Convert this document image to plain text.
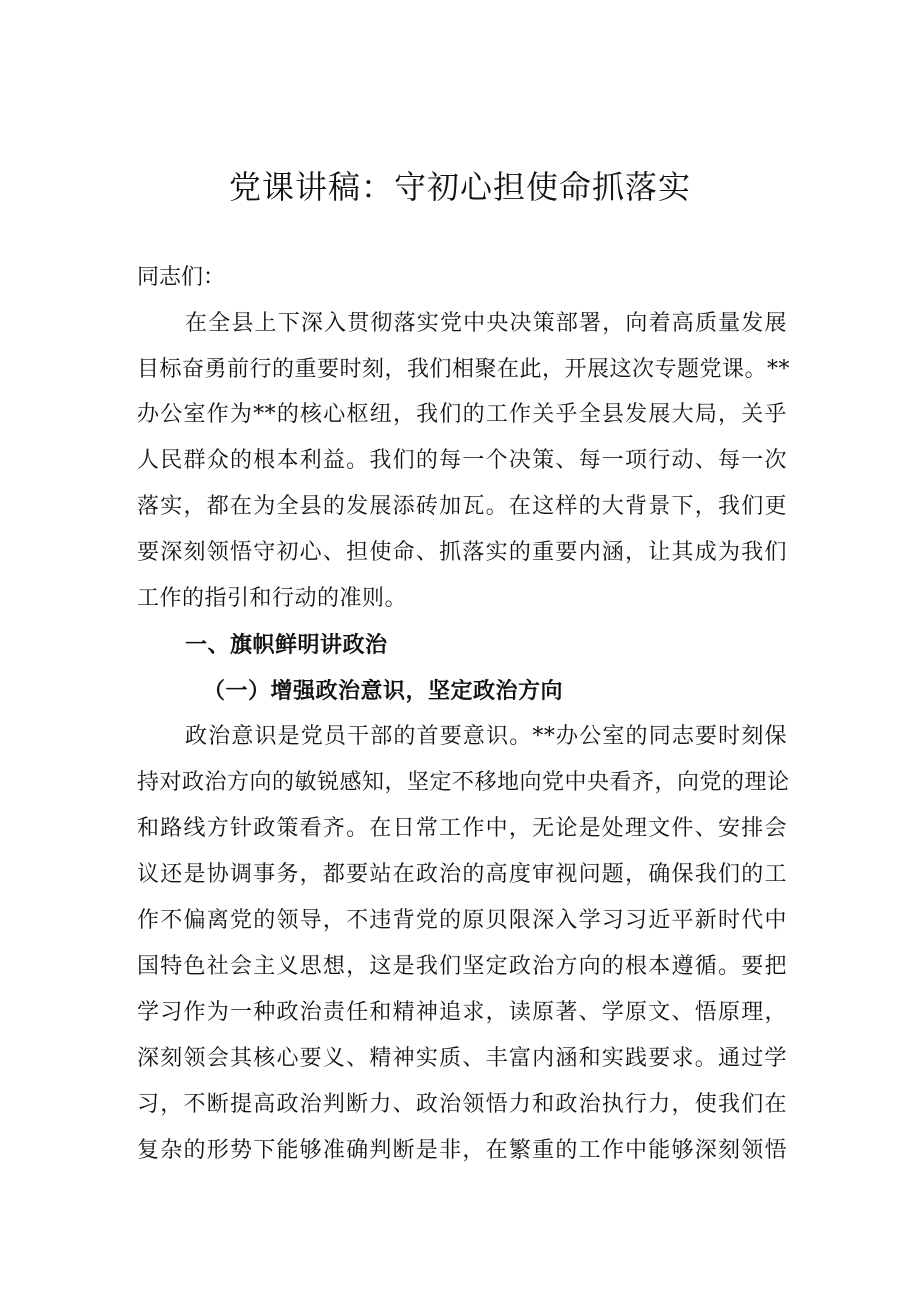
党课讲稿：守初心担使命抓落实
同志们：
在全县上下深入贯彻落实党中央决策部署，向着高质量发展
目标奋勇前行的重要时刻，我们相聚在此，开展这次专题党课。**
办公室作为**的核心枢纽，我们的工作关乎全县发展大局，关乎
人民群众的根本利益。我们的每一个决策、每一项行动、每一次
落实，都在为全县的发展添砖加瓦。在这样的大背景下，我们更
要深刻领悟守初心、担使命、抓落实的重要内涵，让其成为我们
工作的指引和行动的准则。
一、旗帜鲜明讲政治
（一）增强政治意识，坚定政治方向
政治意识是党员干部的首要意识。**办公室的同志要时刻保
持对政治方向的敏锐感知，坚定不移地向党中央看齐，向党的理论
和路线方针政策看齐。在日常工作中，无论是处理文件、安排会
议还是协调事务，都要站在政治的高度审视问题，确保我们的工
作不偏离党的领导，不违背党的原贝限深入学习习近平新时代中
国特色社会主义思想，这是我们坚定政治方向的根本遵循。要把
学习作为一种政治责任和精神追求，读原著、学原文、悟原理，
深刻领会其核心要义、精神实质、丰富内涵和实践要求。通过学
习，不断提高政治判断力、政治领悟力和政治执行力，使我们在
复杂的形势下能够准确判断是非，在繁重的工作中能够深刻领悟
